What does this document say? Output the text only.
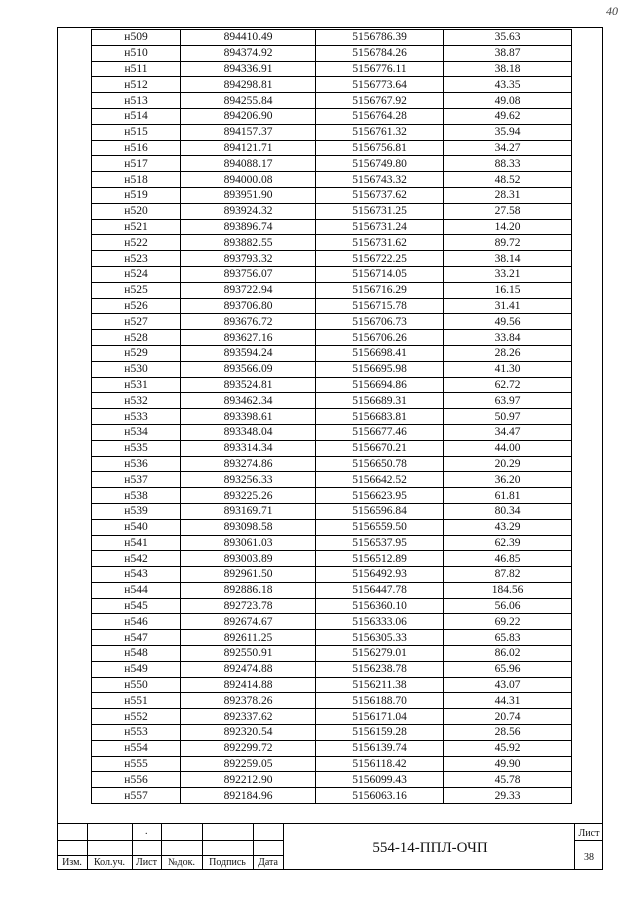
40
н509	894410.49	5156786.39	35.63
н510	894374.92	5156784.26	38.87
н511	894336.91	5156776.11	38.18
н512	894298.81	5156773.64	43.35
н513	894255.84	5156767.92	49.08
н514	894206.90	5156764.28	49.62
н515	894157.37	5156761.32	35.94
н516	894121.71	5156756.81	34.27
н517	894088.17	5156749.80	88.33
н518	894000.08	5156743.32	48.52
н519	893951.90	5156737.62	28.31
н520	893924.32	5156731.25	27.58
н521	893896.74	5156731.24	14.20
н522	893882.55	5156731.62	89.72
н523	893793.32	5156722.25	38.14
н524	893756.07	5156714.05	33.21
н525	893722.94	5156716.29	16.15
н526	893706.80	5156715.78	31.41
н527	893676.72	5156706.73	49.56
н528	893627.16	5156706.26	33.84
н529	893594.24	5156698.41	28.26
н530	893566.09	5156695.98	41.30
н531	893524.81	5156694.86	62.72
н532	893462.34	5156689.31	63.97
н533	893398.61	5156683.81	50.97
н534	893348.04	5156677.46	34.47
н535	893314.34	5156670.21	44.00
н536	893274.86	5156650.78	20.29
н537	893256.33	5156642.52	36.20
н538	893225.26	5156623.95	61.81
н539	893169.71	5156596.84	80.34
н540	893098.58	5156559.50	43.29
н541	893061.03	5156537.95	62.39
н542	893003.89	5156512.89	46.85
н543	892961.50	5156492.93	87.82
н544	892886.18	5156447.78	184.56
н545	892723.78	5156360.10	56.06
н546	892674.67	5156333.06	69.22
н547	892611.25	5156305.33	65.83
н548	892550.91	5156279.01	86.02
н549	892474.88	5156238.78	65.96
н550	892414.88	5156211.38	43.07
н551	892378.26	5156188.70	44.31
н552	892337.62	5156171.04	20.74
н553	892320.54	5156159.28	28.56
н554	892299.72	5156139.74	45.92
н555	892259.05	5156118.42	49.90
н556	892212.90	5156099.43	45.78
н557	892184.96	5156063.16	29.33
.
Изм.	Кол.уч.	Лист	№док.	Подпись	Дата
554-14-ППЛ-ОЧП
Лист
38
